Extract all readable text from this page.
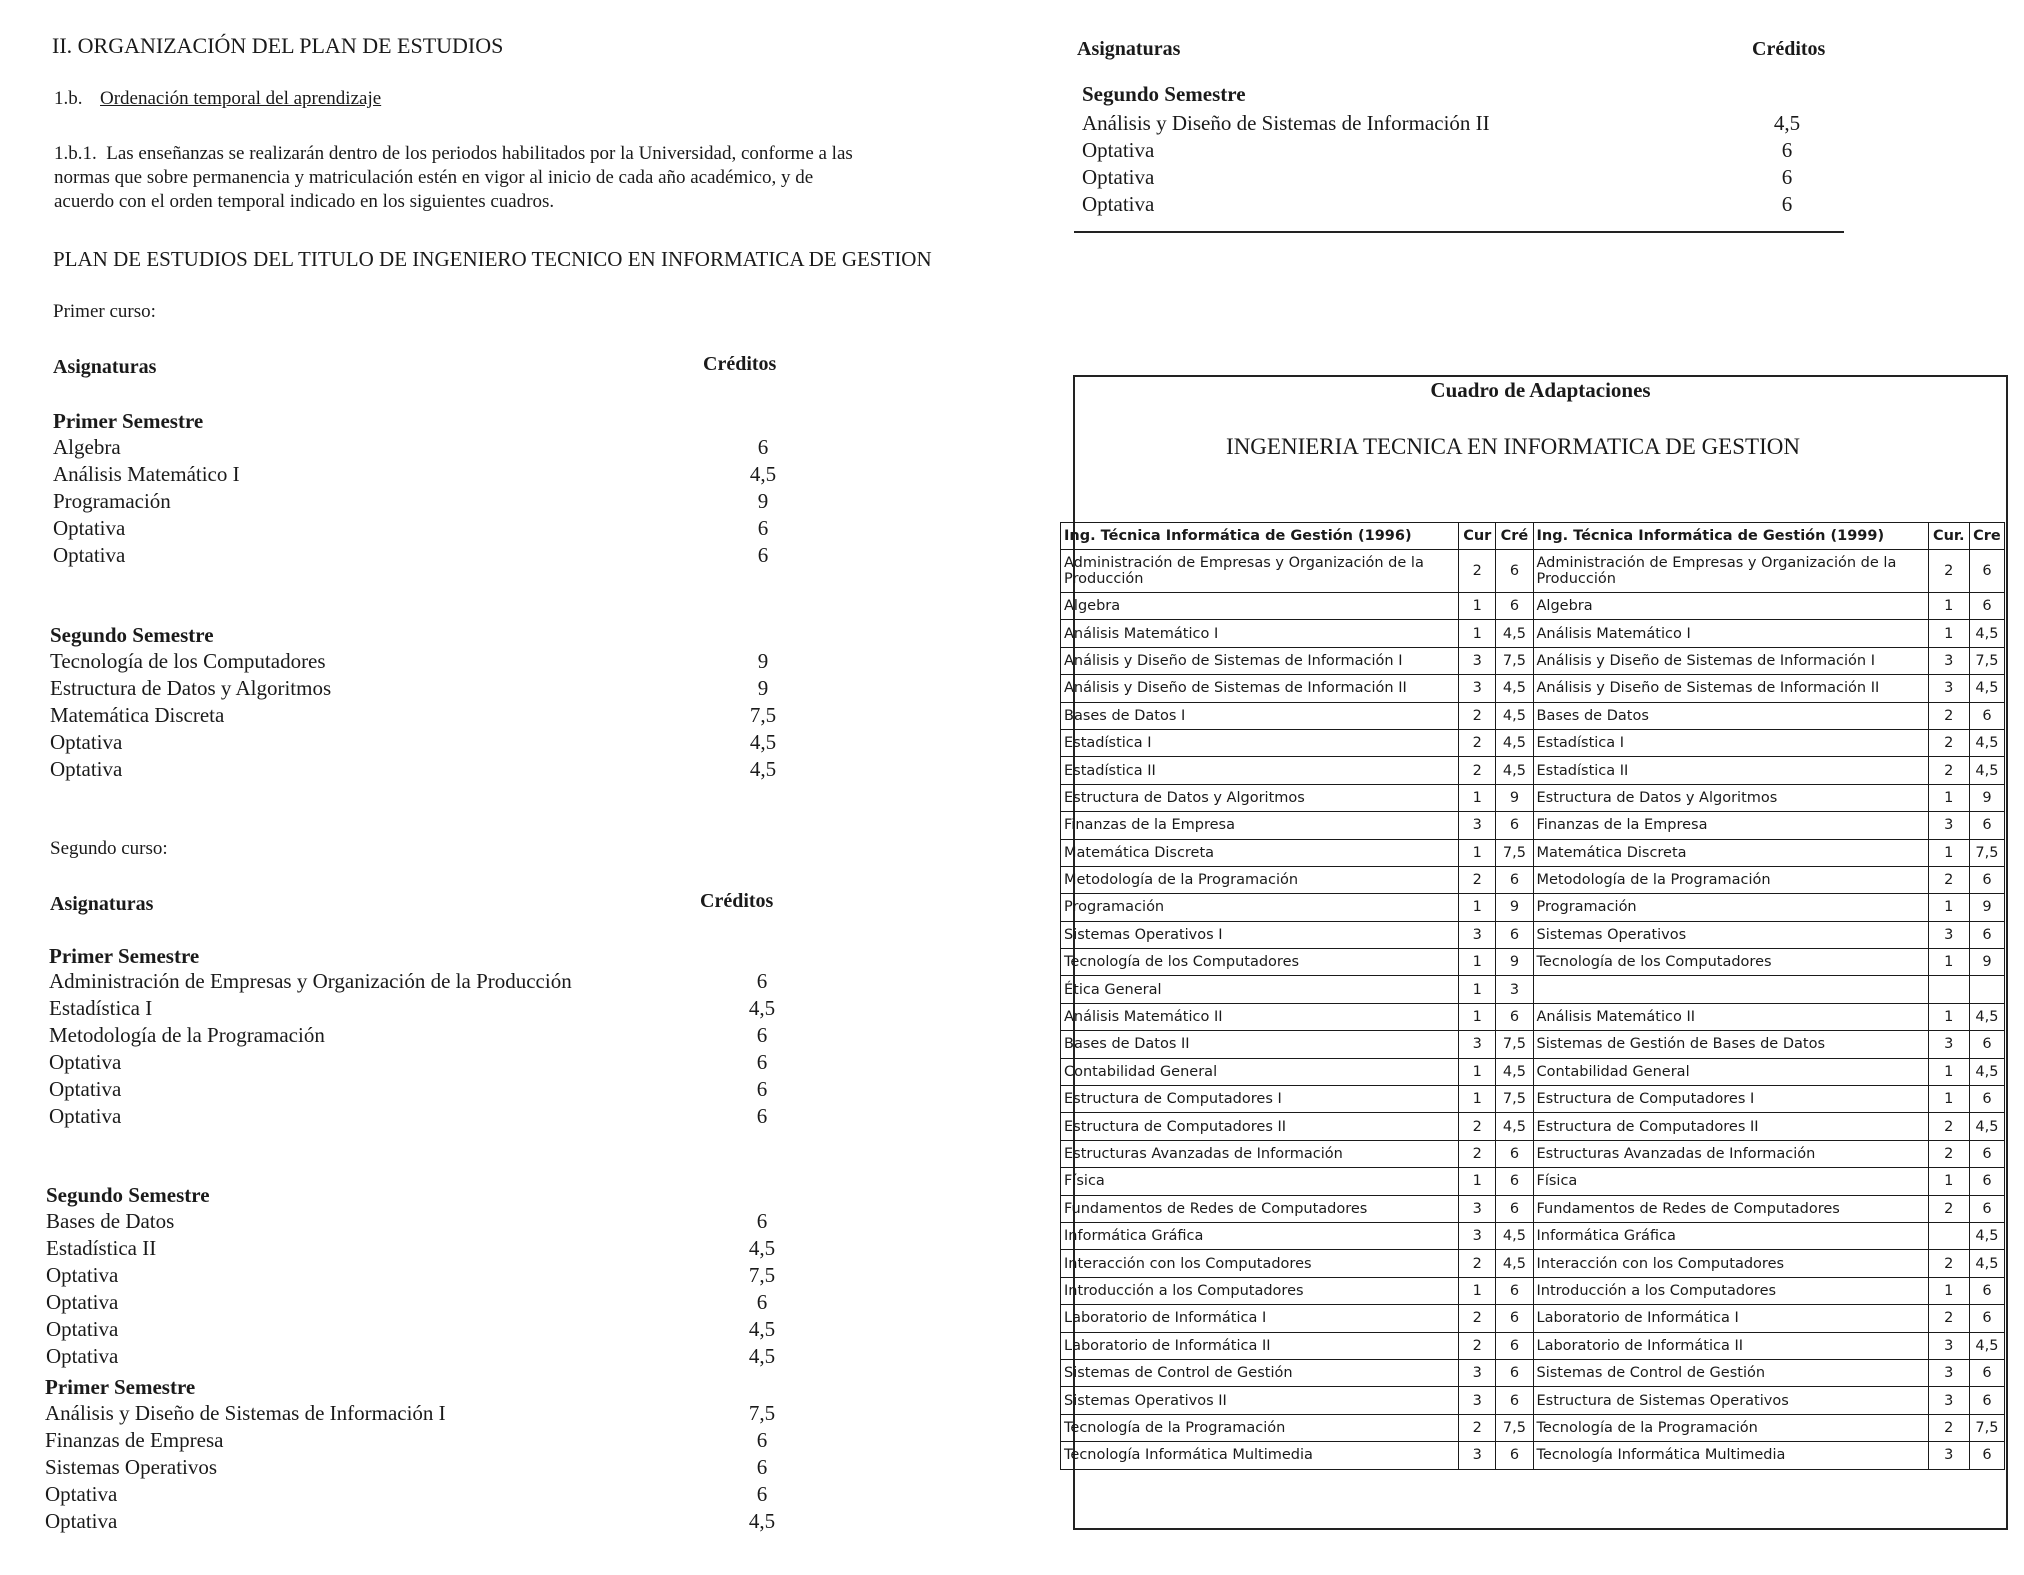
II. ORGANIZACIÓN DEL PLAN DE ESTUDIOS
1.b. Ordenación temporal del aprendizaje
1.b.1. Las enseñanzas se realizarán dentro de los periodos habilitados por la Universidad, conforme a las
normas que sobre permanencia y matriculación estén en vigor al inicio de cada año académico, y de
acuerdo con el orden temporal indicado en los siguientes cuadros.
PLAN DE ESTUDIOS DEL TITULO DE INGENIERO TECNICO EN INFORMATICA DE GESTION
Primer curso:
Asignaturas	Créditos
Primer Semestre
Algebra	6
Análisis Matemático I	4,5
Programación	9
Optativa	6
Optativa	6
Segundo Semestre
Tecnología de los Computadores	9
Estructura de Datos y Algoritmos	9
Matemática Discreta	7,5
Optativa	4,5
Optativa	4,5
Segundo curso:
Asignaturas	Créditos
Primer Semestre
Administración de Empresas y Organización de la Producción	6
Estadística I	4,5
Metodología de la Programación	6
Optativa	6
Optativa	6
Optativa	6
Segundo Semestre
Bases de Datos	6
Estadística II	4,5
Optativa	7,5
Optativa	6
Optativa	4,5
Optativa	4,5
Primer Semestre
Análisis y Diseño de Sistemas de Información I	7,5
Finanzas de Empresa	6
Sistemas Operativos	6
Optativa	6
Optativa	4,5
Asignaturas	Créditos
Segundo Semestre
Análisis y Diseño de Sistemas de Información II	4,5
Optativa	6
Optativa	6
Optativa	6
Cuadro de Adaptaciones
INGENIERIA TECNICA EN INFORMATICA DE GESTION
Ing. Técnica Informática de Gestión (1996)	Cur	Cré	Ing. Técnica Informática de Gestión (1999)	Cur.	Cre
Administración de Empresas y Organización de la Producción	2	6	Administración de Empresas y Organización de la Producción	2	6
Algebra	1	6	Algebra	1	6
Análisis Matemático I	1	4,5	Análisis Matemático I	1	4,5
Análisis y Diseño de Sistemas de Información I	3	7,5	Análisis y Diseño de Sistemas de Información I	3	7,5
Análisis y Diseño de Sistemas de Información II	3	4,5	Análisis y Diseño de Sistemas de Información II	3	4,5
Bases de Datos I	2	4,5	Bases de Datos	2	6
Estadística I	2	4,5	Estadística I	2	4,5
Estadística II	2	4,5	Estadística II	2	4,5
Estructura de Datos y Algoritmos	1	9	Estructura de Datos y Algoritmos	1	9
Finanzas de la Empresa	3	6	Finanzas de la Empresa	3	6
Matemática Discreta	1	7,5	Matemática Discreta	1	7,5
Metodología de la Programación	2	6	Metodología de la Programación	2	6
Programación	1	9	Programación	1	9
Sistemas Operativos I	3	6	Sistemas Operativos	3	6
Tecnología de los Computadores	1	9	Tecnología de los Computadores	1	9
Ética General	1	3			
Análisis Matemático II	1	6	Análisis Matemático II	1	4,5
Bases de Datos II	3	7,5	Sistemas de Gestión de Bases de Datos	3	6
Contabilidad General	1	4,5	Contabilidad General	1	4,5
Estructura de Computadores I	1	7,5	Estructura de Computadores I	1	6
Estructura de Computadores II	2	4,5	Estructura de Computadores II	2	4,5
Estructuras Avanzadas de Información	2	6	Estructuras Avanzadas de Información	2	6
Física	1	6	Física	1	6
Fundamentos de Redes de Computadores	3	6	Fundamentos de Redes de Computadores	2	6
Informática Gráfica	3	4,5	Informática Gráfica		4,5
Interacción con los Computadores	2	4,5	Interacción con los Computadores	2	4,5
Introducción a los Computadores	1	6	Introducción a los Computadores	1	6
Laboratorio de Informática I	2	6	Laboratorio de Informática I	2	6
Laboratorio de Informática II	2	6	Laboratorio de Informática II	3	4,5
Sistemas de Control de Gestión	3	6	Sistemas de Control de Gestión	3	6
Sistemas Operativos II	3	6	Estructura de Sistemas Operativos	3	6
Tecnología de la Programación	2	7,5	Tecnología de la Programación	2	7,5
Tecnología Informática Multimedia	3	6	Tecnología Informática Multimedia	3	6
